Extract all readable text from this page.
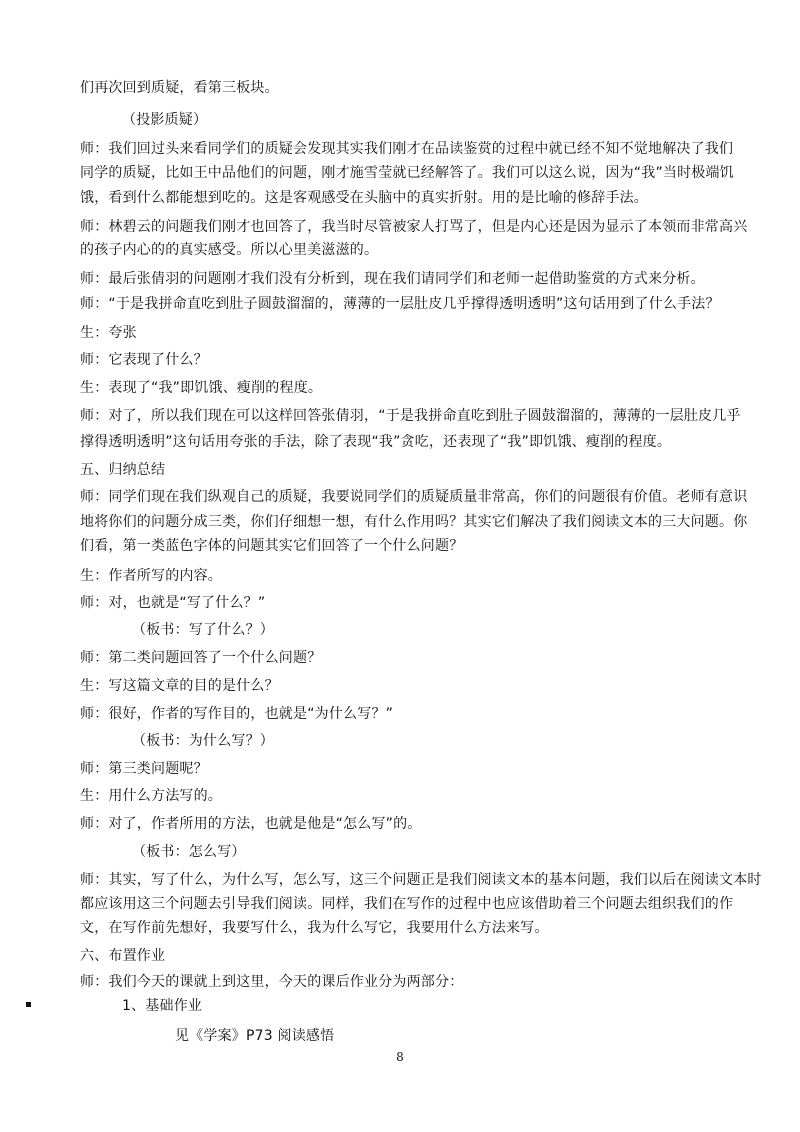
们再次回到质疑，看第三板块。
（投影质疑）
师：我们回过头来看同学们的质疑会发现其实我们刚才在品读鉴赏的过程中就已经不知不觉地解决了我们
同学的质疑，比如王中品他们的问题，刚才施雪莹就已经解答了。我们可以这么说，因为“我”当时极端饥
饿，看到什么都能想到吃的。这是客观感受在头脑中的真实折射。用的是比喻的修辞手法。
师：林碧云的问题我们刚才也回答了，我当时尽管被家人打骂了，但是内心还是因为显示了本领而非常高兴
的孩子内心的的真实感受。所以心里美滋滋的。
师：最后张倩羽的问题刚才我们没有分析到，现在我们请同学们和老师一起借助鉴赏的方式来分析。
师：“于是我拼命直吃到肚子圆鼓溜溜的，薄薄的一层肚皮几乎撑得透明透明”这句话用到了什么手法？
生：夸张
师：它表现了什么？
生：表现了“我”即饥饿、瘦削的程度。
师：对了，所以我们现在可以这样回答张倩羽，“于是我拼命直吃到肚子圆鼓溜溜的，薄薄的一层肚皮几乎
撑得透明透明”这句话用夸张的手法，除了表现“我”贪吃，还表现了“我”即饥饿、瘦削的程度。
五、归纳总结
师：同学们现在我们纵观自己的质疑，我要说同学们的质疑质量非常高，你们的问题很有价值。老师有意识
地将你们的问题分成三类，你们仔细想一想，有什么作用吗？其实它们解决了我们阅读文本的三大问题。你
们看，第一类蓝色字体的问题其实它们回答了一个什么问题？
生：作者所写的内容。
师：对，也就是“写了什么？”
（板书：写了什么？）
师：第二类问题回答了一个什么问题？
生：写这篇文章的目的是什么？
师：很好，作者的写作目的，也就是“为什么写？”
（板书：为什么写？）
师：第三类问题呢？
生：用什么方法写的。
师：对了，作者所用的方法，也就是他是“怎么写”的。
（板书：怎么写）
师：其实，写了什么，为什么写，怎么写，这三个问题正是我们阅读文本的基本问题，我们以后在阅读文本时
都应该用这三个问题去引导我们阅读。同样，我们在写作的过程中也应该借助着三个问题去组织我们的作
文，在写作前先想好，我要写什么，我为什么写它，我要用什么方法来写。
六、布置作业
师：我们今天的课就上到这里，今天的课后作业分为两部分：
1、基础作业
见《学案》P73 阅读感悟
8
